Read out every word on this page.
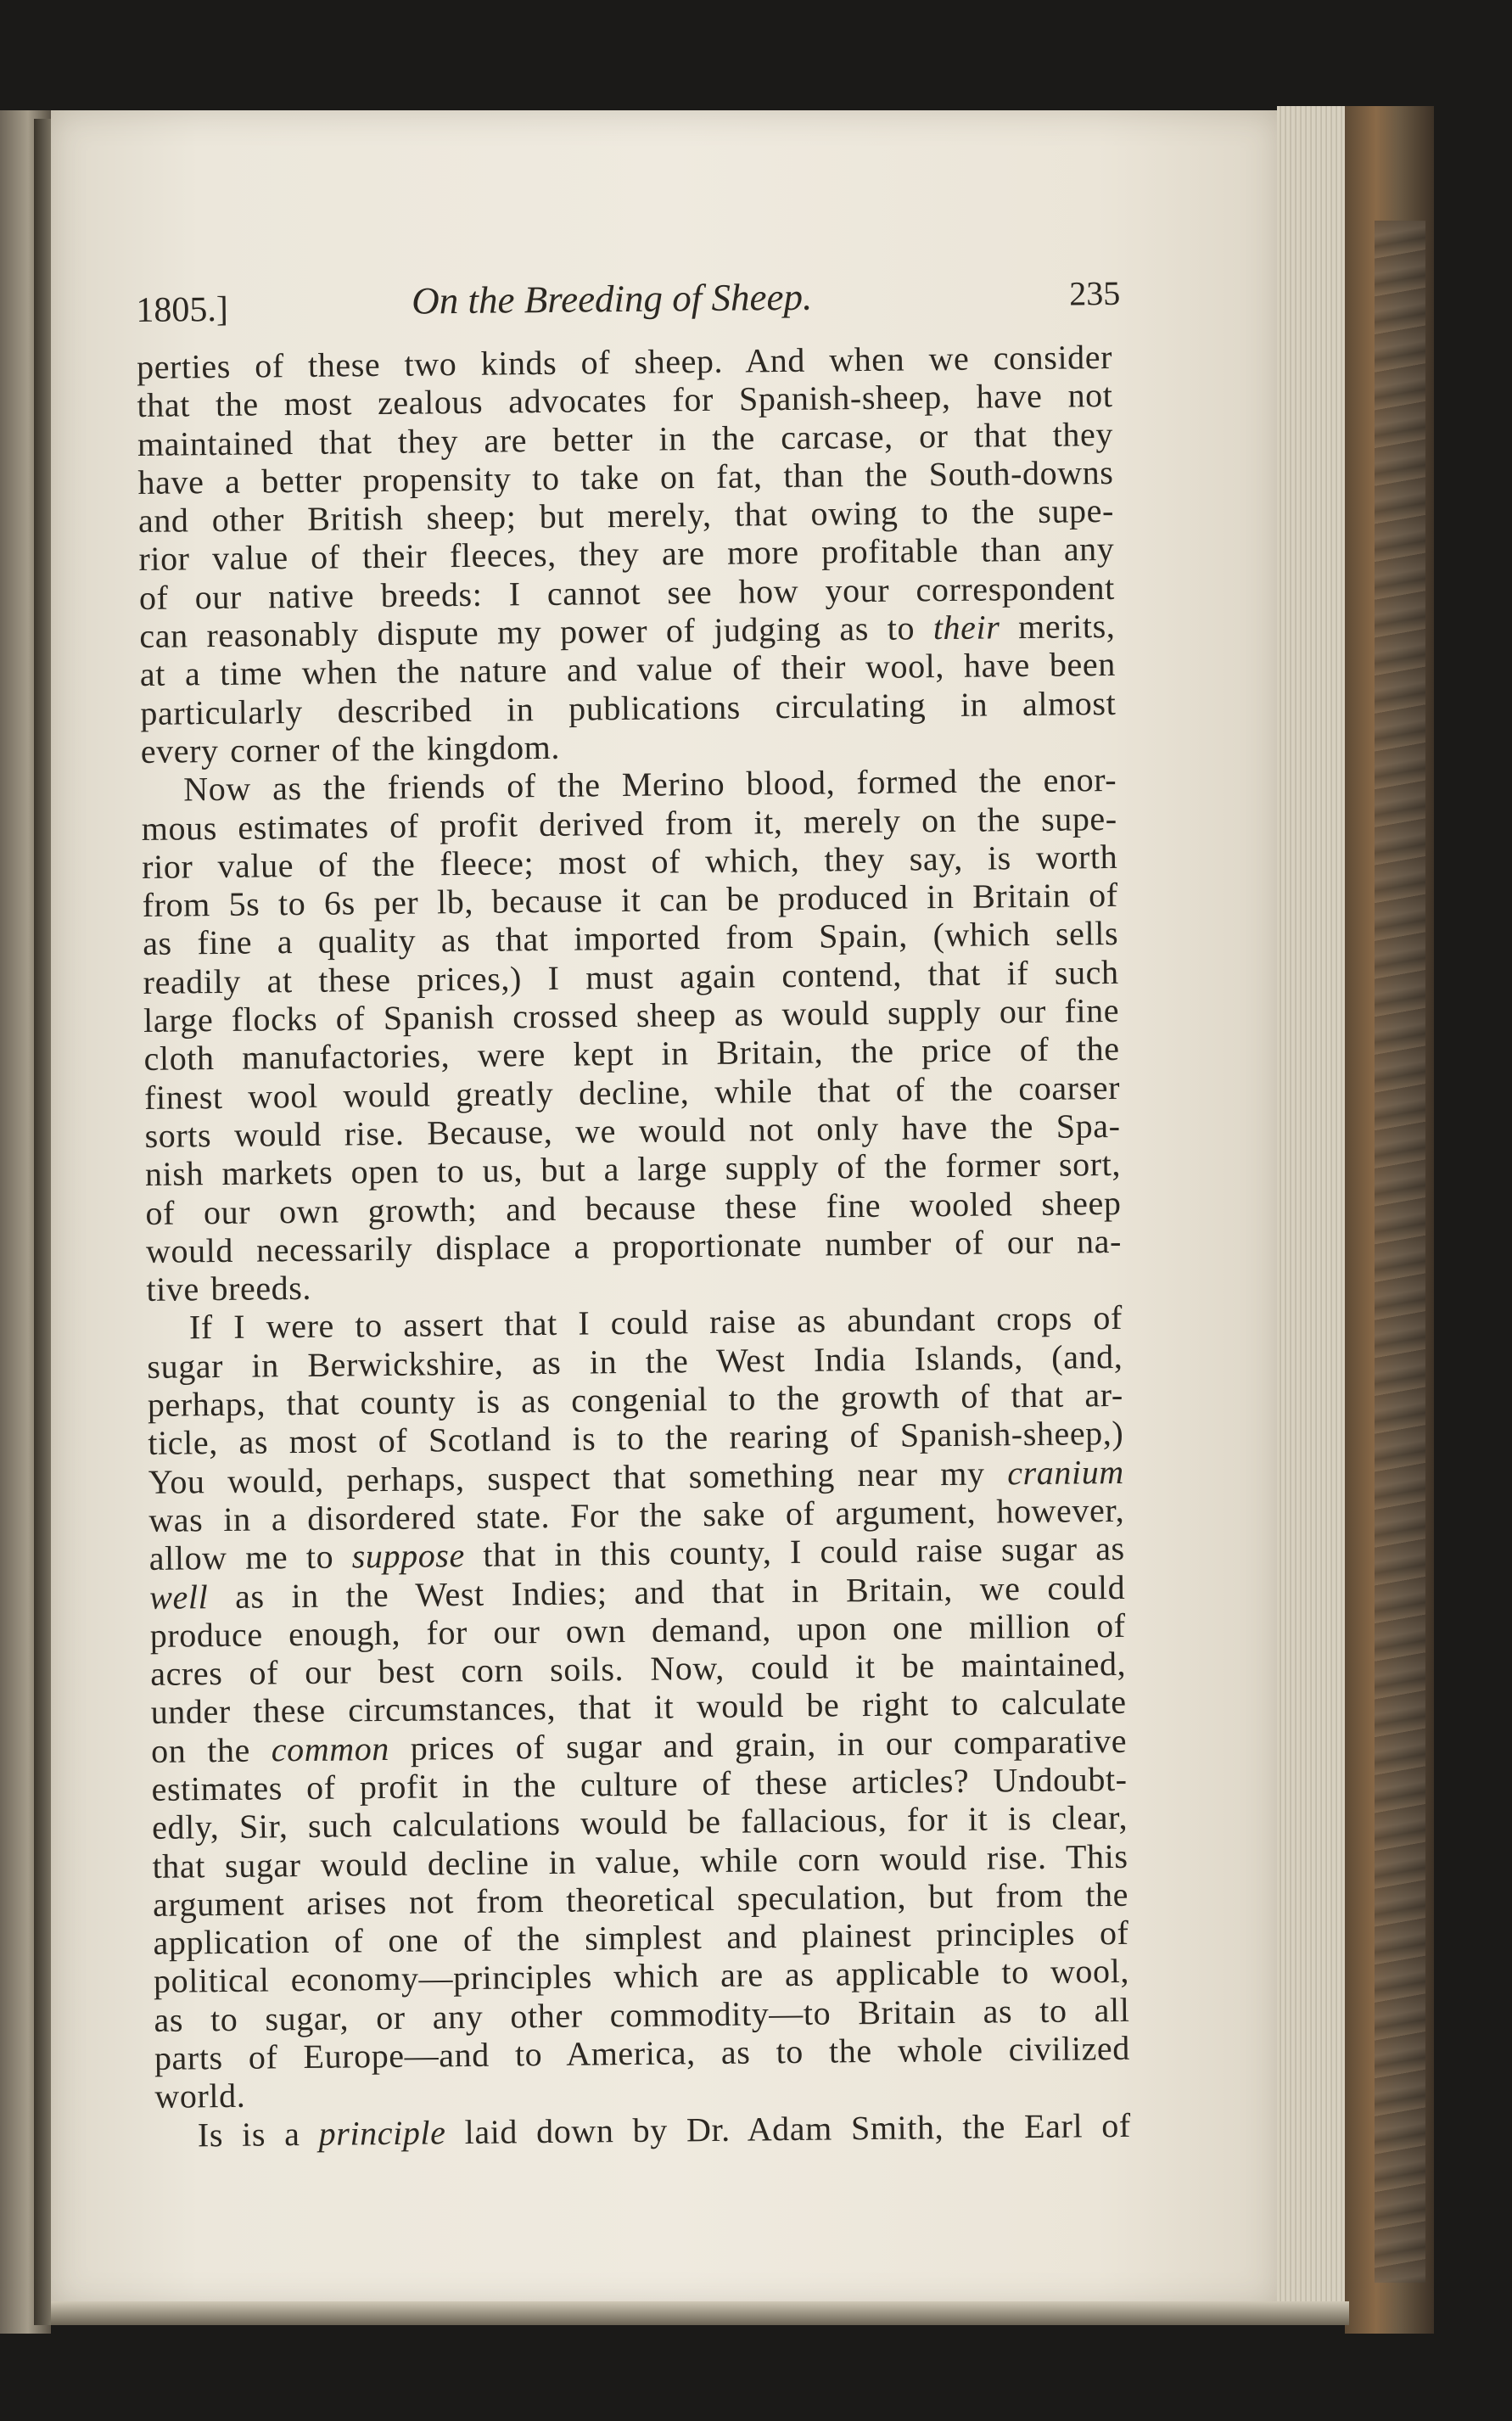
1805.]	On the Breeding of Sheep.	235
perties of these two kinds of sheep. And when we consider
that the most zealous advocates for Spanish-sheep, have not
maintained that they are better in the carcase, or that they
have a better propensity to take on fat, than the South-downs
and other British sheep; but merely, that owing to the supe-
rior value of their fleeces, they are more profitable than any
of our native breeds: I cannot see how your correspondent
can reasonably dispute my power of judging as to their merits,
at a time when the nature and value of their wool, have been
particularly described in publications circulating in almost
every corner of the kingdom.
Now as the friends of the Merino blood, formed the enor-
mous estimates of profit derived from it, merely on the supe-
rior value of the fleece; most of which, they say, is worth
from 5s to 6s per lb, because it can be produced in Britain of
as fine a quality as that imported from Spain, (which sells
readily at these prices,) I must again contend, that if such
large flocks of Spanish crossed sheep as would supply our fine
cloth manufactories, were kept in Britain, the price of the
finest wool would greatly decline, while that of the coarser
sorts would rise. Because, we would not only have the Spa-
nish markets open to us, but a large supply of the former sort,
of our own growth; and because these fine wooled sheep
would necessarily displace a proportionate number of our na-
tive breeds.
If I were to assert that I could raise as abundant crops of
sugar in Berwickshire, as in the West India Islands, (and,
perhaps, that county is as congenial to the growth of that ar-
ticle, as most of Scotland is to the rearing of Spanish-sheep,)
You would, perhaps, suspect that something near my cranium
was in a disordered state. For the sake of argument, however,
allow me to suppose that in this county, I could raise sugar as
well as in the West Indies; and that in Britain, we could
produce enough, for our own demand, upon one million of
acres of our best corn soils. Now, could it be maintained,
under these circumstances, that it would be right to calculate
on the common prices of sugar and grain, in our comparative
estimates of profit in the culture of these articles? Undoubt-
edly, Sir, such calculations would be fallacious, for it is clear,
that sugar would decline in value, while corn would rise. This
argument arises not from theoretical speculation, but from the
application of one of the simplest and plainest principles of
political economy—principles which are as applicable to wool,
as to sugar, or any other commodity—to Britain as to all
parts of Europe—and to America, as to the whole civilized
world.
Is is a principle laid down by Dr. Adam Smith, the Earl of
